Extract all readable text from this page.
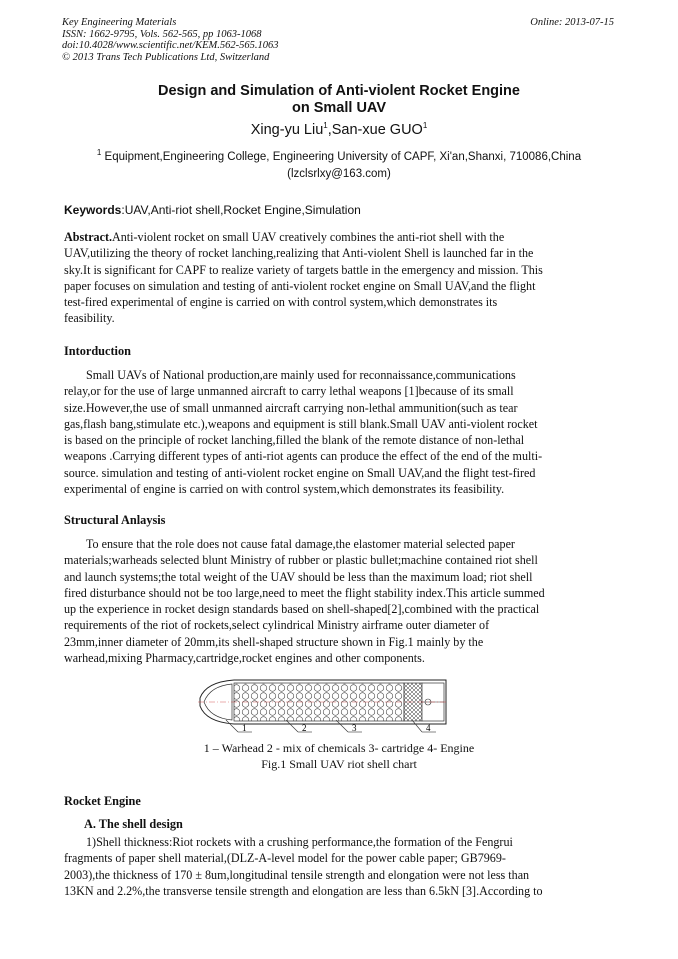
Key Engineering Materials
ISSN: 1662-9795, Vols. 562-565, pp 1063-1068
doi:10.4028/www.scientific.net/KEM.562-565.1063
© 2013 Trans Tech Publications Ltd, Switzerland
Online: 2013-07-15
Design and Simulation of Anti-violent Rocket Engine
on Small UAV
Xing-yu Liu$^1$,San-xue GUO$^1$
$^1$ Equipment,Engineering College, Engineering University of CAPF, Xi'an,Shanxi, 710086,China
(lzclsrlxy@163.com)
Keywords:UAV,Anti-riot shell,Rocket Engine,Simulation
Abstract.Anti-violent rocket on small UAV creatively combines the anti-riot shell with the
UAV,utilizing the theory of rocket lanching,realizing that Anti-violent Shell is launched far in the
sky.It is significant for CAPF to realize variety of targets battle in the emergency and mission. This
paper focuses on simulation and testing of anti-violent rocket engine on Small UAV,and the flight
test-fired experimental of engine is carried on with control system,which demonstrates its
feasibility.
Intorduction
Small UAVs of National production,are mainly used for reconnaissance,communications
relay,or for the use of large unmanned aircraft to carry lethal weapons [1]because of its small
size.However,the use of small unmanned aircraft carrying non-lethal ammunition(such as tear
gas,flash bang,stimulate etc.),weapons and equipment is still blank.Small UAV anti-violent rocket
is based on the principle of rocket lanching,filled the blank of the remote distance of non-lethal
weapons .Carrying different types of anti-riot agents can produce the effect of the end of the multi-
source. simulation and testing of anti-violent rocket engine on Small UAV,and the flight test-fired
experimental of engine is carried on with control system,which demonstrates its feasibility.
Structural Anlaysis
To ensure that the role does not cause fatal damage,the elastomer material selected paper
materials;warheads selected blunt Ministry of rubber or plastic bullet;machine contained riot shell
and launch systems;the total weight of the UAV should be less than the maximum load; riot shell
fired disturbance should not be too large,need to meet the flight stability index.This article summed
up the experience in rocket design standards based on shell-shaped[2],combined with the practical
requirements of the riot of rockets,select cylindrical Ministry airframe outer diameter of
23mm,inner diameter of 20mm,its shell-shaped structure shown in Fig.1 mainly by the
warhead,mixing Pharmacy,cartridge,rocket engines and other components.
1	2	3	4
1 – Warhead 2 - mix of chemicals 3- cartridge 4- Engine
Fig.1 Small UAV riot shell chart
Rocket Engine
A. The shell design
1)Shell thickness:Riot rockets with a crushing performance,the formation of the Fengrui
fragments of paper shell material,(DLZ-A-level model for the power cable paper; GB7969-
2003),the thickness of 170 ± 8um,longitudinal tensile strength and elongation were not less than
13KN and 2.2%,the transverse tensile strength and elongation are less than 6.5kN [3].According to
